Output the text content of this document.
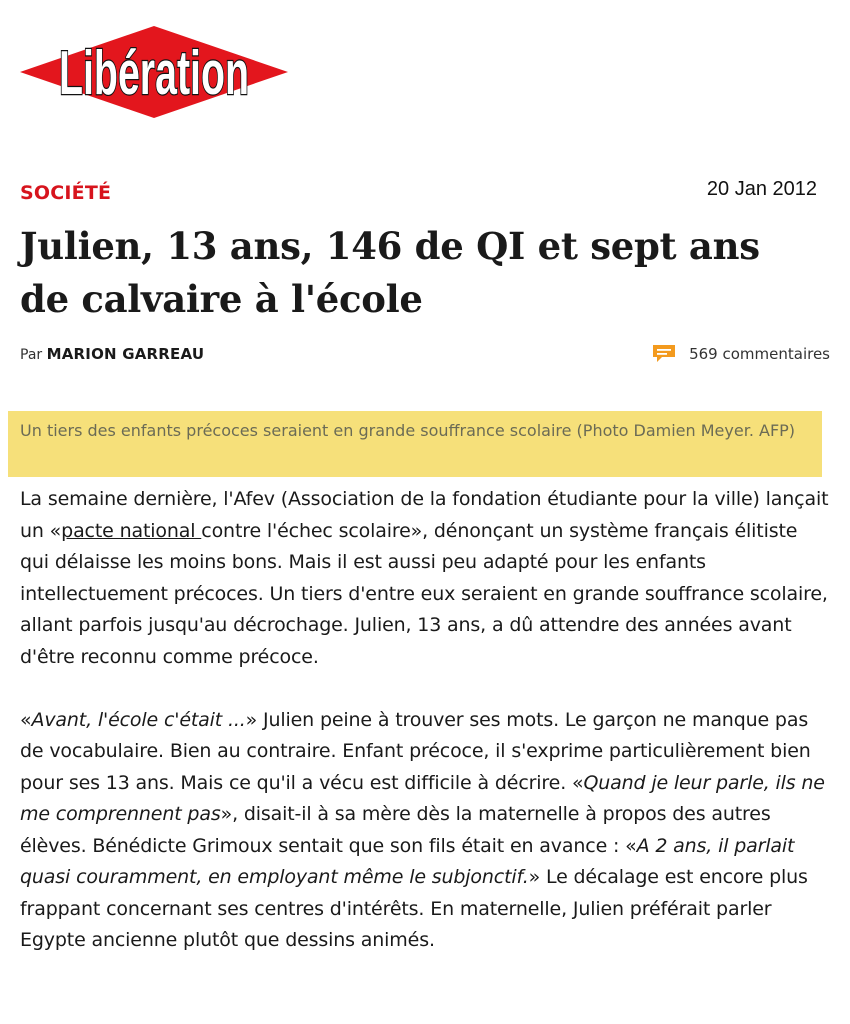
Libération
SOCIÉTÉ	20 Jan 2012
Julien, 13 ans, 146 de QI et sept ans de calvaire à l'école
Par MARION GARREAU	569 commentaires
Un tiers des enfants précoces seraient en grande souffrance scolaire (Photo Damien Meyer. AFP)

La semaine dernière, l'Afev (Association de la fondation étudiante pour la ville) lançait un «pacte national contre l'échec scolaire», dénonçant un système français élitiste qui délaisse les moins bons. Mais il est aussi peu adapté pour les enfants intellectuement précoces. Un tiers d'entre eux seraient en grande souffrance scolaire, allant parfois jusqu'au décrochage. Julien, 13 ans, a dû attendre des années avant d'être reconnu comme précoce.

«Avant, l'école c'était ...» Julien peine à trouver ses mots. Le garçon ne manque pas de vocabulaire. Bien au contraire. Enfant précoce, il s'exprime particulièrement bien pour ses 13 ans. Mais ce qu'il a vécu est difficile à décrire. «Quand je leur parle, ils ne me comprennent pas», disait-il à sa mère dès la maternelle à propos des autres élèves. Bénédicte Grimoux sentait que son fils était en avance : «A 2 ans, il parlait quasi couramment, en employant même le subjonctif.» Le décalage est encore plus frappant concernant ses centres d'intérêts. En maternelle, Julien préférait parler Egypte ancienne plutôt que dessins animés.
